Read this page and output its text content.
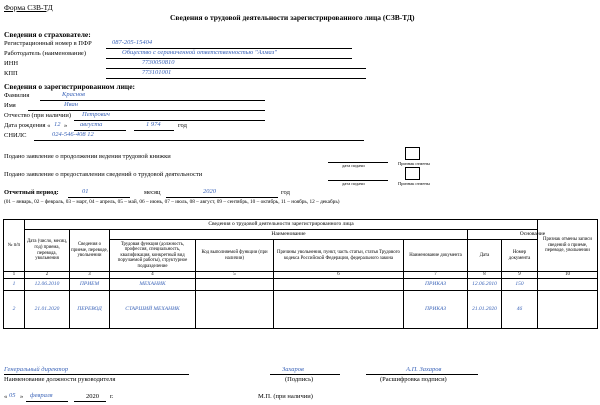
Форма СЗВ-ТД
Сведения о трудовой деятельности зарегистрированного лица (СЗВ-ТД)
Сведения о страхователе:
Регистрационный номер в ПФР	087-205-15404
Работодатель (наименование)	Общество с ограниченной ответственностью "Алмаз"
ИНН	7730050810
КПП	773101001
Сведения о зарегистрированном лице:
Фамилия	Краснов
Имя	Иван
Отчество (при наличии) Петрович
Дата рождения « 12 » августа	1 974	год
СНИЛС	024-546-408 12
Подано заявление о продолжении ведения трудовой книжки
дата подачи	Признак отмены
Подано заявление о предоставлении сведений о трудовой деятельности
дата подачи	Признак отмены
Отчетный период:	01	месяц	2020	год
(01 – январь, 02 – февраль, 03 – март, 04 – апрель, 05 – май, 06 – июнь, 07 – июль, 08 – август, 09 – сентябрь, 10 – октябрь, 11 – ноябрь, 12 – декабрь)
№ п/п	Сведения о трудовой деятельности зарегистрированного лица								Признак отмены записи сведений о приеме, переводе, увольнении
	Дата (число, месяц, год) приема, перевода, увольнения	Сведения о приеме, переводе, увольнении	Наименование				Основание		
			Трудовая функция (должность, профессия, специальность, квалификация, конкретный вид поручаемой работы), структурное подразделение	Код выполняемой функции (при наличии)	Причины увольнения, пункт, часть статьи, статья Трудового кодекса Российской Федерации, федерального закона	Наименование документа	Дата	Номер документа	
1	2	3	4	5	6	7	8	9	10
1	12.06.2010	ПРИЕМ	МЕХАНИК			ПРИКАЗ	12.06.2010	150	
2	21.01.2020	ПЕРЕВОД	СТАРШИЙ МЕХАНИК			ПРИКАЗ	21.01.2020	46	
Генеральный директор
Наименование должности руководителя
Захаров
(Подпись)
А.П. Захаров
(Расшифровка подписи)
« 05 » февраля	2020 г.	М.П. (при наличии)
